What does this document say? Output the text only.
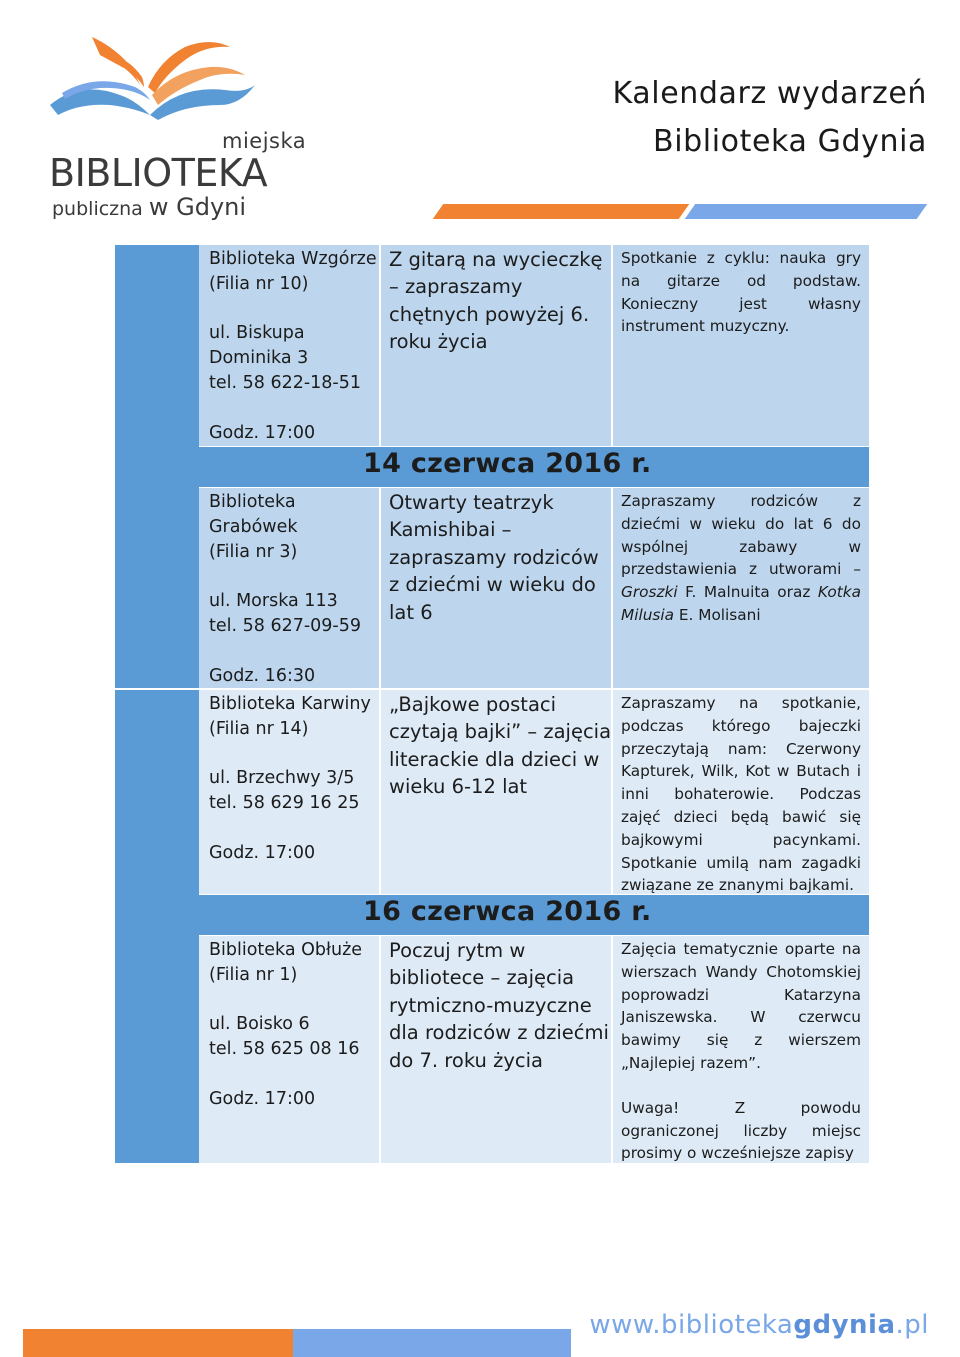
miejska
BIBLIOTEKA
publiczna w Gdyni
Kalendarz wydarzeń
Biblioteka Gdynia
Biblioteka Wzgórze
(Filia nr 10)
ul. Biskupa
Dominika 3
tel. 58 622-18-51
Godz. 17:00
Z gitarą na wycieczkę
– zapraszamy
chętnych powyżej 6.
roku życia
Spotkanie z cyklu: nauka gry na gitarze od podstaw. Konieczny jest własny instrument muzyczny.
14 czerwca 2016 r.
Biblioteka
Grabówek
(Filia nr 3)
ul. Morska 113
tel. 58 627-09-59
Godz. 16:30
Otwarty teatrzyk
Kamishibai –
zapraszamy rodziców
z dziećmi w wieku do
lat 6
Zapraszamy rodziców z dziećmi w wieku do lat 6 do wspólnej zabawy w przedstawienia z utworami – Groszki F. Malnuita oraz Kotka Milusia E. Molisani
Biblioteka Karwiny
(Filia nr 14)
ul. Brzechwy 3/5
tel. 58 629 16 25
Godz. 17:00
„Bajkowe postaci
czytają bajki” – zajęcia
literackie dla dzieci w
wieku 6-12 lat
Zapraszamy na spotkanie, podczas którego bajeczki przeczytają nam: Czerwony Kapturek, Wilk, Kot w Butach i inni bohaterowie. Podczas zajęć dzieci będą bawić się bajkowymi pacynkami. Spotkanie umilą nam zagadki związane ze znanymi bajkami.
16 czerwca 2016 r.
Biblioteka Obłuże
(Filia nr 1)
ul. Boisko 6
tel. 58 625 08 16
Godz. 17:00
Poczuj rytm w
bibliotece – zajęcia
rytmiczno-muzyczne
dla rodziców z dziećmi
do 7. roku życia
Zajęcia tematycznie oparte na wierszach Wandy Chotomskiej poprowadzi Katarzyna Janiszewska. W czerwcu bawimy się z wierszem „Najlepiej razem”.
Uwaga! Z powodu ograniczonej liczby miejsc prosimy o wcześniejsze zapisy
www.bibliotekagdynia.pl
